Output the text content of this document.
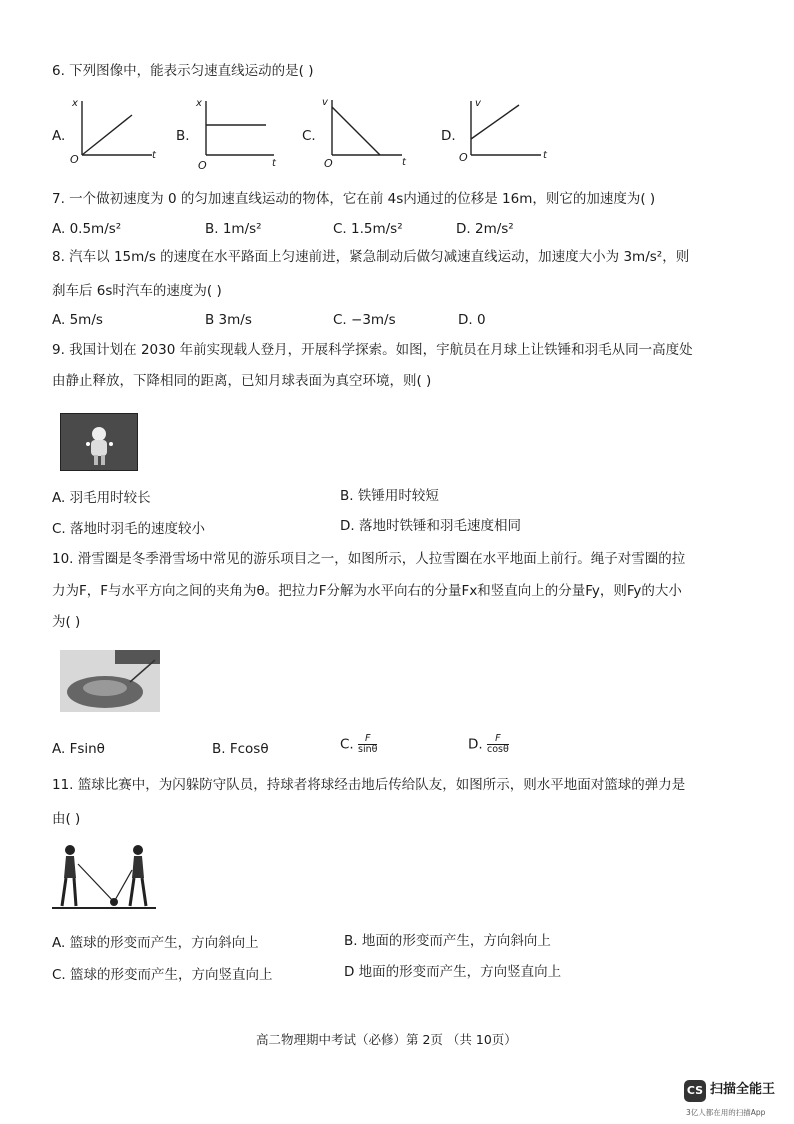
6. 下列图像中，能表示匀速直线运动的是( )
A.
x
t
O
B.
x
t
O
C.
v
t
O
D.
v
t
O
7. 一个做初速度为 0 的匀加速直线运动的物体，它在前 4s内通过的位移是 16m，则它的加速度为( )
A. 0.5m/s²	B. 1m/s²	C. 1.5m/s²	D. 2m/s²
8. 汽车以 15m/s 的速度在水平路面上匀速前进，紧急制动后做匀减速直线运动，加速度大小为 3m/s²，则
刹车后 6s时汽车的速度为( )
A. 5m/s	B 3m/s	C. −3m/s	D. 0
9. 我国计划在 2030 年前实现载人登月，开展科学探索。如图，宇航员在月球上让铁锤和羽毛从同一高度处
由静止释放，下降相同的距离，已知月球表面为真空环境，则( )
A. 羽毛用时较长	B. 铁锤用时较短
C. 落地时羽毛的速度较小	D. 落地时铁锤和羽毛速度相同
10. 滑雪圈是冬季滑雪场中常见的游乐项目之一，如图所示，人拉雪圈在水平地面上前行。绳子对雪圈的拉
力为F，F与水平方向之间的夹角为θ。把拉力F分解为水平向右的分量Fx和竖直向上的分量Fy，则Fy的大小
为( )
A. Fsinθ	B. Fcosθ	C. $\frac{F}{\sin\theta}$	D. $\frac{F}{\cos\theta}$
11. 篮球比赛中，为闪躲防守队员，持球者将球经击地后传给队友，如图所示，则水平地面对篮球的弹力是
由( )
A. 篮球的形变而产生，方向斜向上	B. 地面的形变而产生，方向斜向上
C. 篮球的形变而产生，方向竖直向上	D 地面的形变而产生，方向竖直向上
高二物理期中考试（必修）第 2页 （共 10页）
CS 扫描全能王
3亿人都在用的扫描App
